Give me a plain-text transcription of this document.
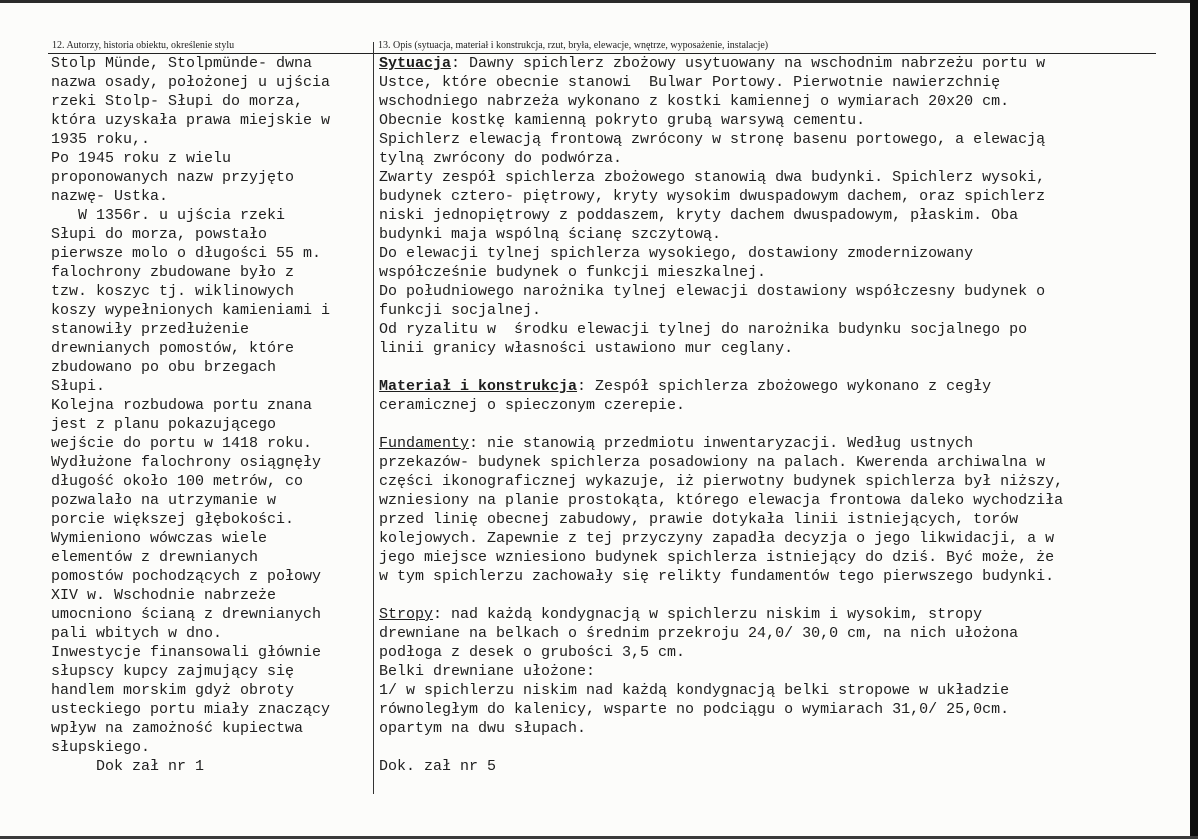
12. Autorzy, historia obiektu, określenie stylu	13. Opis (sytuacja, materiał i konstrukcja, rzut, bryła, elewacje, wnętrze, wyposażenie, instalacje)
Stolp Münde, Stolpmünde- dwna
nazwa osady, położonej u ujścia
rzeki Stolp- Słupi do morza,
która uzyskała prawa miejskie w
1935 roku,.
Po 1945 roku z wielu
proponowanych nazw przyjęto
nazwę- Ustka.
W 1356r. u ujścia rzeki
Słupi do morza, powstało
pierwsze molo o długości 55 m.
falochrony zbudowane było z
tzw. koszyc tj. wiklinowych
koszy wypełnionych kamieniami i
stanowiły przedłużenie
drewnianych pomostów, które
zbudowano po obu brzegach
Słupi.
Kolejna rozbudowa portu znana
jest z planu pokazującego
wejście do portu w 1418 roku.
Wydłużone falochrony osiągnęły
długość około 100 metrów, co
pozwalało na utrzymanie w
porcie większej głębokości.
Wymieniono wówczas wiele
elementów z drewnianych
pomostów pochodzących z połowy
XIV w. Wschodnie nabrzeże
umocniono ścianą z drewnianych
pali wbitych w dno.
Inwestycje finansowali głównie
słupscy kupcy zajmujący się
handlem morskim gdyż obroty
usteckiego portu miały znaczący
wpływ na zamożność kupiectwa
słupskiego.
Dok zał nr 1
Sytuacja: Dawny spichlerz zbożowy usytuowany na wschodnim nabrzeżu portu w
Ustce, które obecnie stanowi  Bulwar Portowy. Pierwotnie nawierzchnię
wschodniego nabrzeża wykonano z kostki kamiennej o wymiarach 20x20 cm.
Obecnie kostkę kamienną pokryto grubą warsywą cementu.
Spichlerz elewacją frontową zwrócony w stronę basenu portowego, a elewacją
tylną zwrócony do podwórza.
Zwarty zespół spichlerza zbożowego stanowią dwa budynki. Spichlerz wysoki,
budynek cztero- piętrowy, kryty wysokim dwuspadowym dachem, oraz spichlerz
niski jednopiętrowy z poddaszem, kryty dachem dwuspadowym, płaskim. Oba
budynki maja wspólną ścianę szczytową.
Do elewacji tylnej spichlerza wysokiego, dostawiony zmodernizowany
współcześnie budynek o funkcji mieszkalnej.
Do południowego narożnika tylnej elewacji dostawiony współczesny budynek o
funkcji socjalnej.
Od ryzalitu w  środku elewacji tylnej do narożnika budynku socjalnego po
linii granicy własności ustawiono mur ceglany.
Materiał i konstrukcja: Zespół spichlerza zbożowego wykonano z cegły
ceramicznej o spieczonym czerepie.
Fundamenty: nie stanowią przedmiotu inwentaryzacji. Według ustnych
przekazów- budynek spichlerza posadowiony na palach. Kwerenda archiwalna w
części ikonograficznej wykazuje, iż pierwotny budynek spichlerza był niższy,
wzniesiony na planie prostokąta, którego elewacja frontowa daleko wychodziła
przed linię obecnej zabudowy, prawie dotykała linii istniejących, torów
kolejowych. Zapewnie z tej przyczyny zapadła decyzja o jego likwidacji, a w
jego miejsce wzniesiono budynek spichlerza istniejący do dziś. Być może, że
w tym spichlerzu zachowały się relikty fundamentów tego pierwszego budynki.
Stropy: nad każdą kondygnacją w spichlerzu niskim i wysokim, stropy
drewniane na belkach o średnim przekroju 24,0/ 30,0 cm, na nich ułożona
podłoga z desek o grubości 3,5 cm.
Belki drewniane ułożone:
1/ w spichlerzu niskim nad każdą kondygnacją belki stropowe w układzie
równoległym do kalenicy, wsparte no podciągu o wymiarach 31,0/ 25,0cm.
opartym na dwu słupach.
Dok. zał nr 5
